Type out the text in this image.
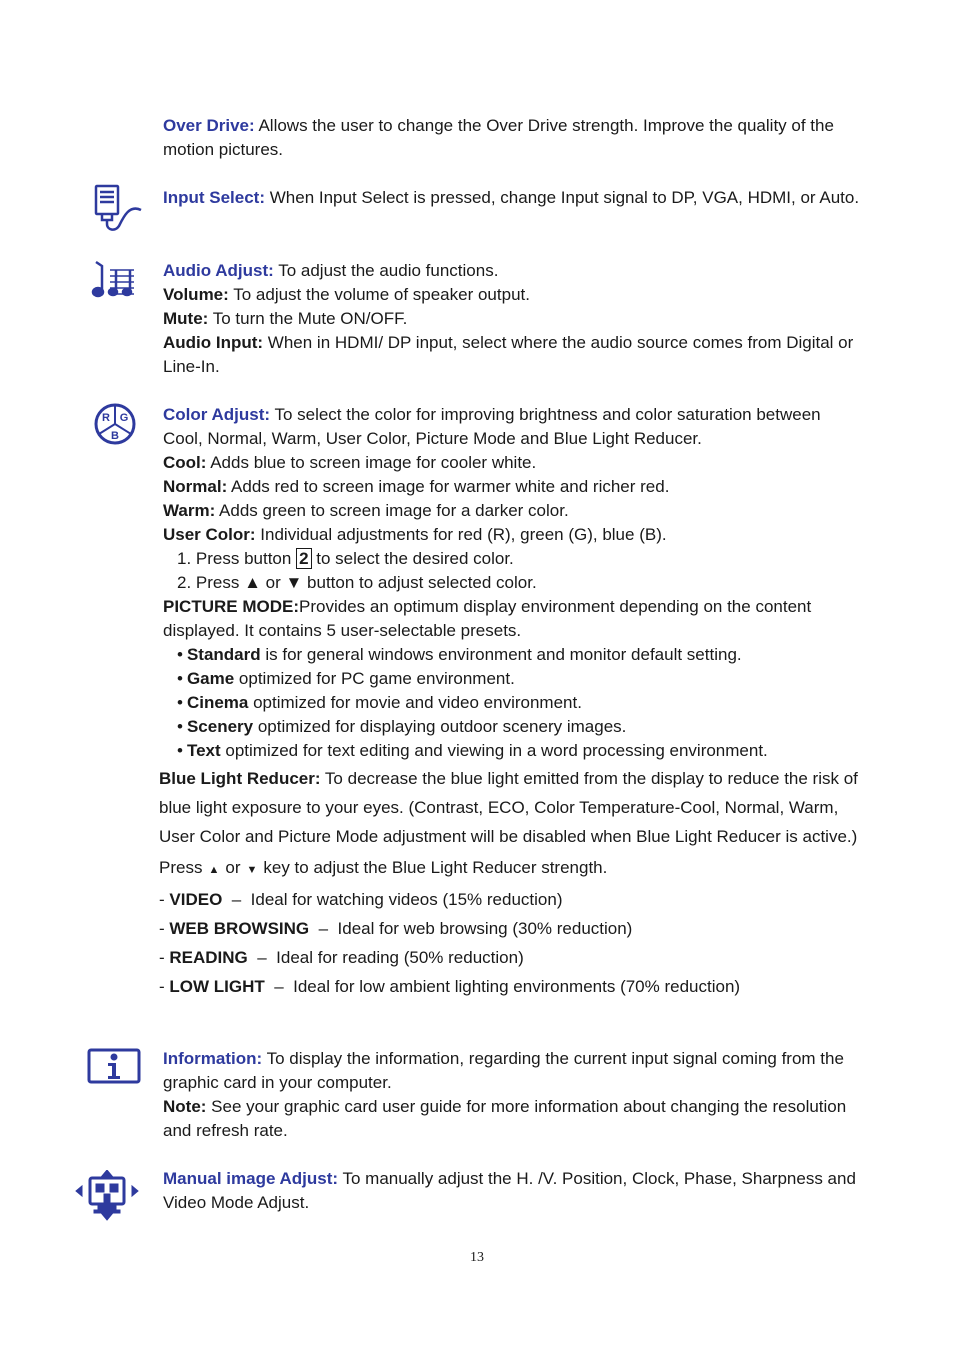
Over Drive: Allows the user to change the Over Drive strength. Improve the quality of the motion pictures.
Input Select: When Input Select is pressed, change Input signal to DP, VGA, HDMI, or Auto.
Audio Adjust: To adjust the audio functions.
Volume: To adjust the volume of speaker output.
Mute: To turn the Mute ON/OFF.
Audio Input: When in HDMI/ DP input, select where the audio source comes from Digital or Line-In.
R G
B
Color Adjust: To select the color for improving brightness and color saturation between Cool, Normal, Warm, User Color, Picture Mode and Blue Light Reducer.
Cool: Adds blue to screen image for cooler white.
Normal: Adds red to screen image for warmer white and richer red.
Warm: Adds green to screen image for a darker color.
User Color: Individual adjustments for red (R), green (G), blue (B).
1. Press button 2 to select the desired color.
2. Press ▲ or ▼ button to adjust selected color.
PICTURE MODE:Provides an optimum display environment depending on the content displayed. It contains 5 user-selectable presets.
• Standard is for general windows environment and monitor default setting.
• Game optimized for PC game environment.
• Cinema optimized for movie and video environment.
• Scenery optimized for displaying outdoor scenery images.
• Text optimized for text editing and viewing in a word processing environment.
Blue Light Reducer: To decrease the blue light emitted from the display to reduce the risk of blue light exposure to your eyes. (Contrast, ECO, Color Temperature-Cool, Normal, Warm, User Color and Picture Mode adjustment will be disabled when Blue Light Reducer is active.)
Press ▲ or ▼ key to adjust the Blue Light Reducer strength.
- VIDEO  –  Ideal for watching videos (15% reduction)
- WEB BROWSING  –  Ideal for web browsing (30% reduction)
- READING  –  Ideal for reading (50% reduction)
- LOW LIGHT  –  Ideal for low ambient lighting environments (70% reduction)
Information: To display the information, regarding the current input signal coming from the graphic card in your computer.
Note: See your graphic card user guide for more information about changing the resolution and refresh rate.
Manual image Adjust: To manually adjust the H. /V. Position, Clock, Phase, Sharpness and Video Mode Adjust.
13
